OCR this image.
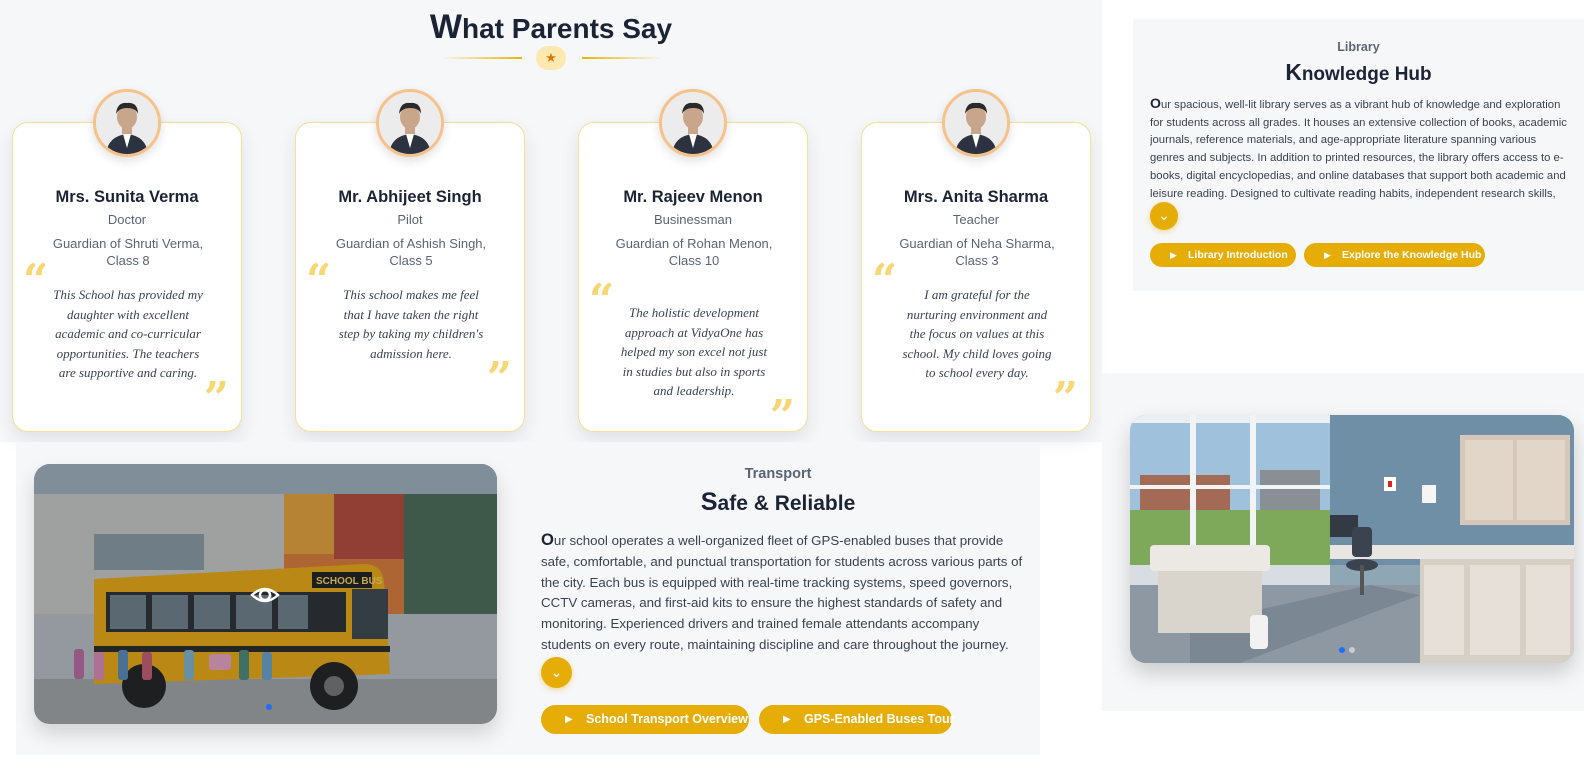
What Parents Say
★
Mrs. Sunita Verma
Doctor
Guardian of Shruti Verma, Class 8
“ This School has provided my daughter with excellent academic and co-curricular opportunities. The teachers are supportive and caring.
”
Mr. Abhijeet Singh
Pilot
Guardian of Ashish Singh, Class 5
“ This school makes me feel that I have taken the right step by taking my children's admission here. ”
Mr. Rajeev Menon
Businessman
Guardian of Rohan Menon, Class 10
“	The holistic development approach at VidyaOne has helped my son excel not just in studies but also in sports and leadership.
”
Mrs. Anita Sharma
Teacher
Guardian of Neha Sharma, Class 3
“	I am grateful for the nurturing environment and the focus on values at this school. My child loves going to school every day.
”
Library
Knowledge Hub

Our spacious, well-lit library serves as a vibrant hub of knowledge and exploration for students across all grades. It houses an extensive collection of books, academic journals, reference materials, and age-appropriate literature spanning various genres and subjects. In addition to printed resources, the library offers access to e-books, digital encyclopedias, and online databases that support both academic and leisure reading. Designed to cultivate reading habits, independent research skills,

⌄
▶ Library Introduction	▶ Explore the Knowledge Hub
Transport
Safe & Reliable

Our school operates a well-organized fleet of GPS-enabled buses that provide safe, comfortable, and punctual transportation for students across various parts of the city. Each bus is equipped with real-time tracking systems, speed governors, CCTV cameras, and first-aid kits to ensure the highest standards of safety and monitoring. Experienced drivers and trained female attendants accompany students on every route, maintaining discipline and care throughout the journey.

⌄
▶ School Transport Overview	▶ GPS-Enabled Buses Tour
